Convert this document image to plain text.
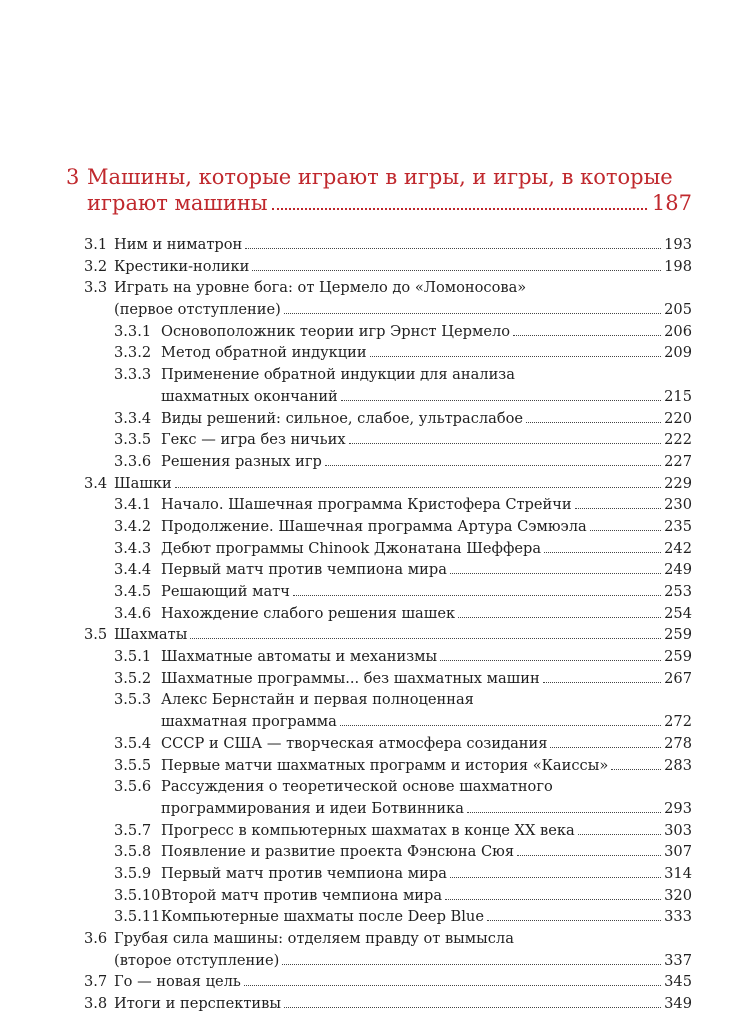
3 Машины, которые играют в игры, и игры, в которые
играют машины	187
3.1 Ним и ниматрон	193
3.2 Крестики-нолики	198
3.3 Играть на уровне бога: от Цермело до «Ломоносова»
(первое отступление)	205
3.3.1 Основоположник теории игр Эрнст Цермело	206
3.3.2 Метод обратной индукции	209
3.3.3 Применение обратной индукции для анализа
шахматных окончаний	215
3.3.4 Виды решений: сильное, слабое, ультраслабое	220
3.3.5 Гекс — игра без ничьих	222
3.3.6 Решения разных игр	227
3.4 Шашки	229
3.4.1 Начало. Шашечная программа Кристофера Стрейчи	230
3.4.2 Продолжение. Шашечная программа Артура Сэмюэла	235
3.4.3 Дебют программы Chinook Джонатана Шеффера	242
3.4.4 Первый матч против чемпиона мира	249
3.4.5 Решающий матч	253
3.4.6 Нахождение слабого решения шашек	254
3.5 Шахматы	259
3.5.1 Шахматные автоматы и механизмы	259
3.5.2 Шахматные программы... без шахматных машин	267
3.5.3 Алекс Бернстайн и первая полноценная
шахматная программа	272
3.5.4 СССР и США — творческая атмосфера созидания	278
3.5.5 Первые матчи шахматных программ и история «Каиссы»	283
3.5.6 Рассуждения о теоретической основе шахматного
программирования и идеи Ботвинника	293
3.5.7 Прогресс в компьютерных шахматах в конце XX века	303
3.5.8 Появление и развитие проекта Фэнсюна Сюя	307
3.5.9 Первый матч против чемпиона мира	314
3.5.10 Второй матч против чемпиона мира	320
3.5.11 Компьютерные шахматы после Deep Blue	333
3.6 Грубая сила машины: отделяем правду от вымысла
(второе отступление)	337
3.7 Го — новая цель	345
3.8 Итоги и перспективы	349
